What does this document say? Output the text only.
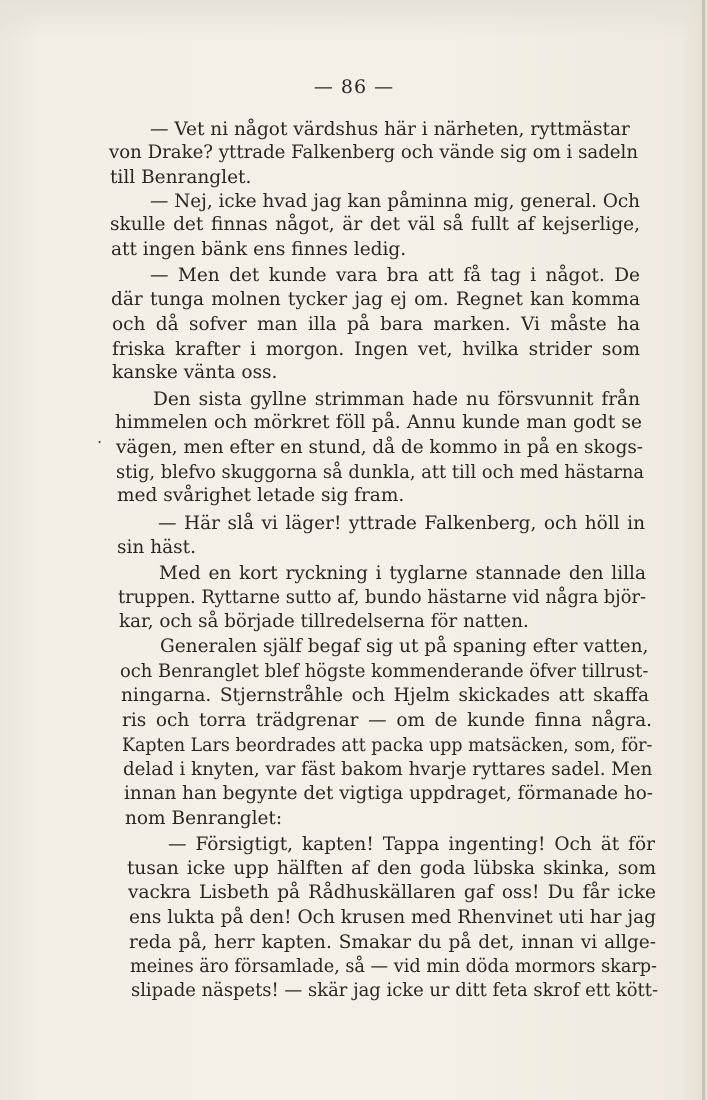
— 86 —
.
— Vet ni något värdshus här i närheten, ryttmästar
von Drake? yttrade Falkenberg och vände sig om i sadeln
till Benranglet.
— Nej, icke hvad jag kan påminna mig, general. Och
skulle det finnas något, är det väl så fullt af kejserlige,
att ingen bänk ens finnes ledig.
— Men det kunde vara bra att få tag i något. De
där tunga molnen tycker jag ej om. Regnet kan komma
och då sofver man illa på bara marken. Vi måste ha
friska krafter i morgon. Ingen vet, hvilka strider som
kanske vänta oss.
Den sista gyllne strimman hade nu försvunnit från
himmelen och mörkret föll på. Annu kunde man godt se
vägen, men efter en stund, då de kommo in på en skogs-
stig, blefvo skuggorna så dunkla, att till och med hästarna
med svårighet letade sig fram.
— Här slå vi läger! yttrade Falkenberg, och höll in
sin häst.
Med en kort ryckning i tyglarne stannade den lilla
truppen. Ryttarne sutto af, bundo hästarne vid några björ-
kar, och så började tillredelserna för natten.
Generalen själf begaf sig ut på spaning efter vatten,
och Benranglet blef högste kommenderande öfver tillrust-
ningarna. Stjernstråhle och Hjelm skickades att skaffa
ris och torra trädgrenar — om de kunde finna några.
Kapten Lars beordrades att packa upp matsäcken, som, för-
delad i knyten, var fäst bakom hvarje ryttares sadel. Men
innan han begynte det vigtiga uppdraget, förmanade ho-
nom Benranglet:
— Försigtigt, kapten! Tappa ingenting! Och ät för
tusan icke upp hälften af den goda lübska skinka, som
vackra Lisbeth på Rådhuskällaren gaf oss! Du får icke
ens lukta på den! Och krusen med Rhenvinet uti har jag
reda på, herr kapten. Smakar du på det, innan vi allge-
meines äro församlade, så — vid min döda mormors skarp-
slipade näspets! — skär jag icke ur ditt feta skrof ett kött-
